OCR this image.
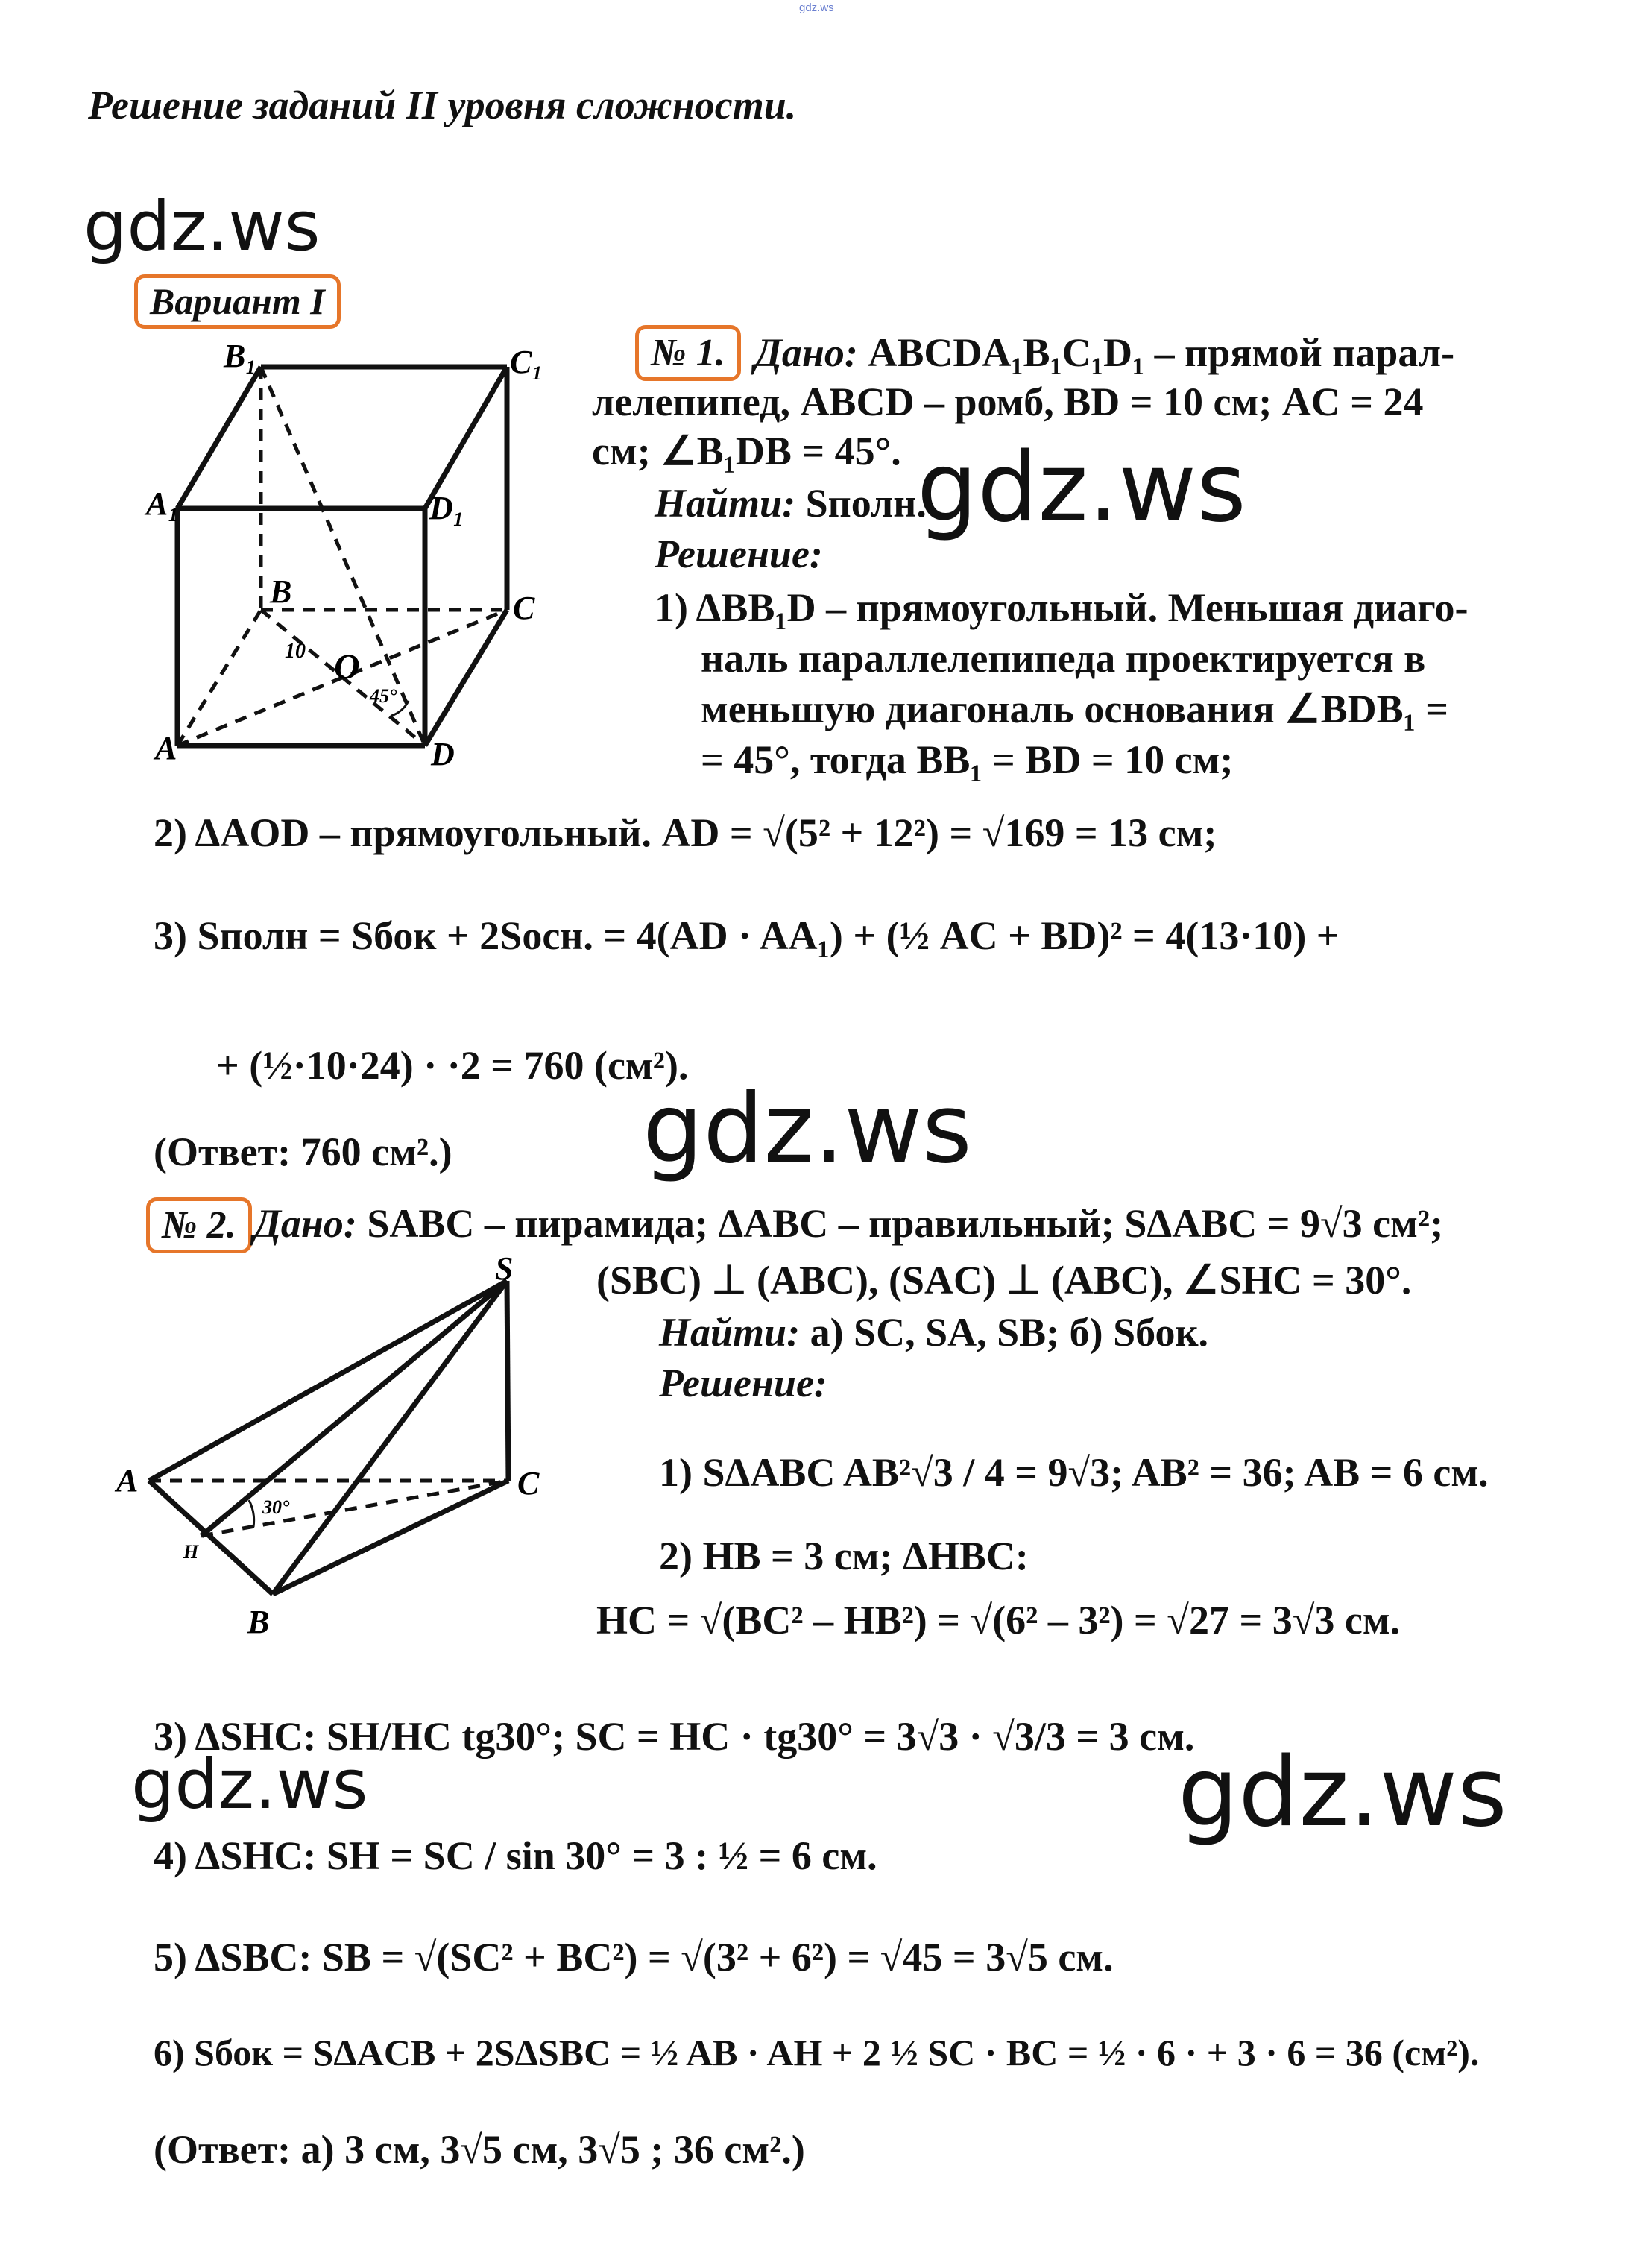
gdz.ws
Решение заданий II уровня сложности.
gdz.ws
gdz.ws
gdz.ws
gdz.ws	gdz.ws
Вариант I
B₁	C₁
A₁	D₁
B	C
A	D
O
10
45°
№ 1. Дано: ABCDA₁B₁C₁D₁ – прямой парал-
лелепипед, ABCD – ромб, BD = 10 см; AC = 24
см; ∠B₁DB = 45°.
Найти: Sполн.
Решение:
1) ΔBB₁D – прямоугольный. Меньшая диаго-
наль параллелепипеда проектируется в
меньшую диагональ основания ∠BDB₁ =
= 45°, тогда BB₁ = BD = 10 см;
2) ΔAOD – прямоугольный. AD = √(5² + 12²) = √169 = 13 см;
3) Sполн = Sбок + 2Sосн. = 4(AD · AA₁) + (½ AC + BD)² = 4(13·10) +
+ (½·10·24) · ·2 = 760 (см²).
(Ответ: 760 см².)
№ 2. Дано: SABC – пирамида; ΔABC – правильный; SΔABC = 9√3 см²;
(SBC) ⊥ (ABC), (SAC) ⊥ (ABC), ∠SHC = 30°.
Найти: а) SC, SA, SB; б) Sбок.
Решение:
S
A	C
H
B
30°
1) SΔABC AB²√3 / 4 = 9√3; AB² = 36; AB = 6 см.
2) HB = 3 см; ΔHBC:
HC = √(BC² – HB²) = √(6² – 3²) = √27 = 3√3 см.
3) ΔSHC: SH/HC tg30°; SC = HC · tg30° = 3√3 · √3/3 = 3 см.
4) ΔSHC: SH = SC / sin 30° = 3 : ½ = 6 см.
5) ΔSBC: SB = √(SC² + BC²) = √(3² + 6²) = √45 = 3√5 см.
6) Sбок = SΔACB + 2SΔSBC = ½ AB · AH + 2 ½ SC · BC = ½ · 6 · + 3 · 6 = 36 (см²).
(Ответ: а) 3 см, 3√5 см, 3√5 ; 36 см².)
